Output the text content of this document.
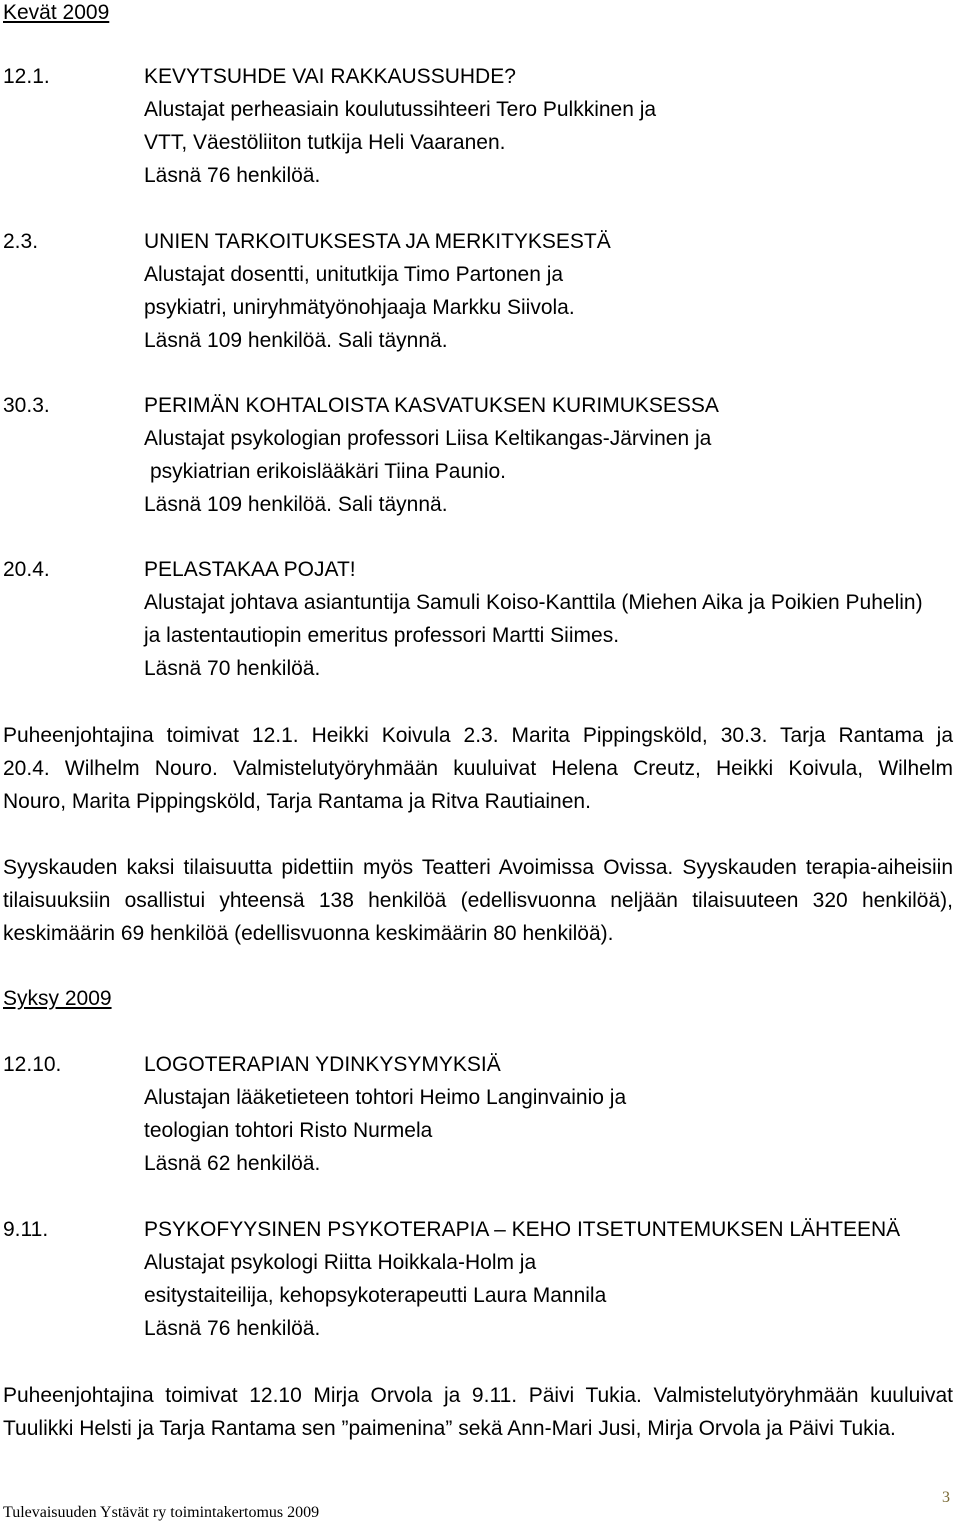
Kevät 2009
12.1.	KEVYTSUHDE VAI RAKKAUSSUHDE?
Alustajat perheasiain koulutussihteeri Tero Pulkkinen ja
VTT, Väestöliiton tutkija Heli Vaaranen.
Läsnä 76 henkilöä.
2.3.	UNIEN TARKOITUKSESTA JA MERKITYKSESTÄ
Alustajat dosentti, unitutkija Timo Partonen ja
psykiatri, uniryhmätyönohjaaja Markku Siivola.
Läsnä 109 henkilöä. Sali täynnä.
30.3.	PERIMÄN KOHTALOISTA KASVATUKSEN KURIMUKSESSA
Alustajat psykologian professori Liisa Keltikangas-Järvinen ja
psykiatrian erikoislääkäri Tiina Paunio.
Läsnä 109 henkilöä. Sali täynnä.
20.4.	PELASTAKAA POJAT!
Alustajat johtava asiantuntija Samuli Koiso-Kanttila (Miehen Aika ja Poikien Puhelin)
ja lastentautiopin emeritus professori Martti Siimes.
Läsnä 70 henkilöä.
Puheenjohtajina toimivat 12.1. Heikki Koivula 2.3. Marita Pippingsköld, 30.3. Tarja Rantama ja
20.4. Wilhelm Nouro. Valmistelutyöryhmään kuuluivat Helena Creutz, Heikki Koivula, Wilhelm
Nouro, Marita Pippingsköld, Tarja Rantama ja Ritva Rautiainen.
Syyskauden kaksi tilaisuutta pidettiin myös Teatteri Avoimissa Ovissa. Syyskauden terapia-aiheisiin
tilaisuuksiin osallistui yhteensä 138 henkilöä (edellisvuonna neljään tilaisuuteen 320 henkilöä),
keskimäärin 69 henkilöä (edellisvuonna keskimäärin 80 henkilöä).
Syksy 2009
12.10.	LOGOTERAPIAN YDINKYSYMYKSIÄ
Alustajan lääketieteen tohtori Heimo Langinvainio ja
teologian tohtori Risto Nurmela
Läsnä 62 henkilöä.
9.11.	PSYKOFYYSINEN PSYKOTERAPIA – KEHO ITSETUNTEMUKSEN LÄHTEENÄ
Alustajat psykologi Riitta Hoikkala-Holm ja
esitystaiteilija, kehopsykoterapeutti Laura Mannila
Läsnä 76 henkilöä.
Puheenjohtajina toimivat 12.10 Mirja Orvola ja 9.11. Päivi Tukia. Valmistelutyöryhmään kuuluivat
Tuulikki Helsti ja Tarja Rantama sen ”paimenina” sekä Ann-Mari Jusi, Mirja Orvola ja Päivi Tukia.
Tulevaisuuden Ystävät ry toimintakertomus 2009
3
